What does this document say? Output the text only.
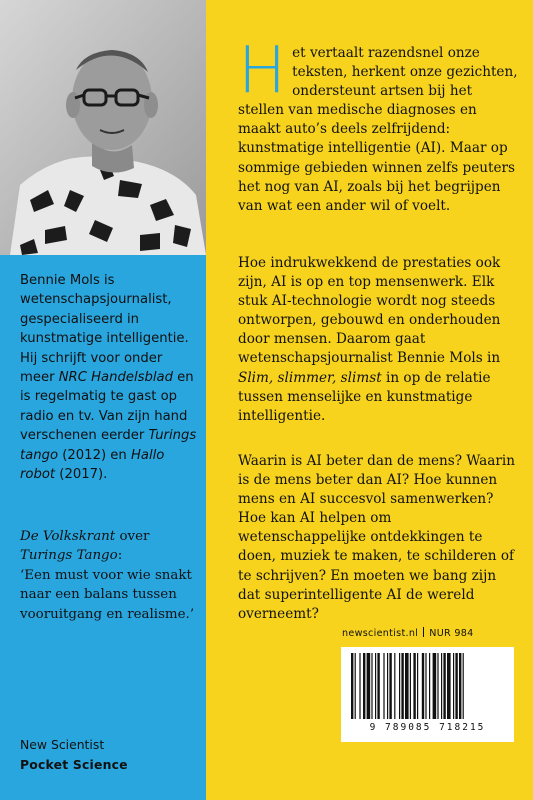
Bennie Mols is wetenschapsjournalist, gespecialiseerd in kunstmatige intelligentie. Hij schrijft voor onder meer NRC Handelsblad en is regelmatig te gast op radio en tv. Van zijn hand verschenen eerder Turings tango (2012) en Hallo robot (2017).

De Volkskrant over
Turings Tango:
‘Een must voor wie snakt naar een balans tussen vooruitgang en realisme.’
New Scientist
Pocket Science
Het vertaalt razendsnel onze teksten, herkent onze gezichten, ondersteunt artsen bij het stellen van medische diagnoses en maakt auto’s deels zelfrijdend: kunstmatige intelligentie (AI). Maar op sommige gebieden winnen zelfs peuters het nog van AI, zoals bij het begrijpen van wat een ander wil of voelt.
Hoe indrukwekkend de prestaties ook zijn, AI is op en top mensenwerk. Elk stuk AI-technologie wordt nog steeds ontworpen, gebouwd en onderhouden door mensen. Daarom gaat wetenschapsjournalist Bennie Mols in Slim, slimmer, slimst in op de relatie tussen menselijke en kunstmatige intelligentie.
Waarin is AI beter dan de mens? Waarin is de mens beter dan AI? Hoe kunnen mens en AI succesvol samenwerken? Hoe kan AI helpen om wetenschappelijke ontdekkingen te doen, muziek te maken, te schilderen of te schrijven? En moeten we bang zijn dat superintelligente AI de wereld overneemt?
newscientist.nl NUR 984
9 789085 718215
